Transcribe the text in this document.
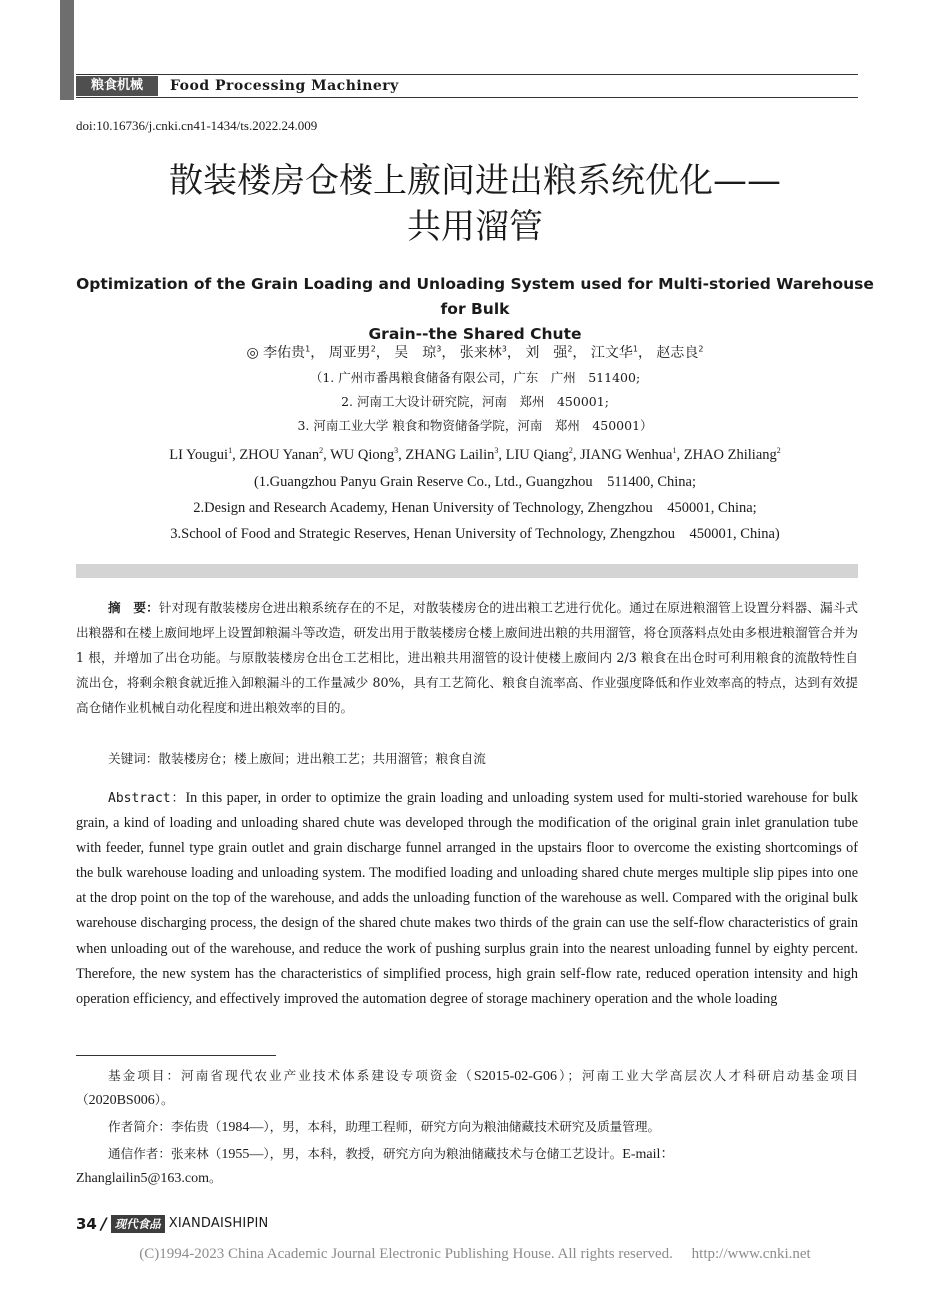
粮食机械	Food Processing Machinery
doi:10.16736/j.cnki.cn41-1434/ts.2022.24.009
散装楼房仓楼上廒间进出粮系统优化——
共用溜管
Optimization of the Grain Loading and Unloading System used for Multi-storied Warehouse for Bulk
Grain--the Shared Chute
◎ 李佑贵$^1$， 周亚男$^2$， 吴　琼$^3$， 张来林$^3$， 刘　强$^2$， 江文华$^1$， 赵志良$^2$
（1. 广州市番禺粮食储备有限公司，广东　广州　511400;
2. 河南工大设计研究院，河南　郑州　450001;
3. 河南工业大学 粮食和物资储备学院，河南　郑州　450001）
LI Yougui$^1$, ZHOU Yanan$^2$, WU Qiong$^3$, ZHANG Lailin$^3$, LIU Qiang$^2$, JIANG Wenhua$^1$, ZHAO Zhiliang$^2$
(1.Guangzhou Panyu Grain Reserve Co., Ltd., Guangzhou　511400, China;
2.Design and Research Academy, Henan University of Technology, Zhengzhou　450001, China;
3.School of Food and Strategic Reserves, Henan University of Technology, Zhengzhou　450001, China)
摘　要：针对现有散装楼房仓进出粮系统存在的不足，对散装楼房仓的进出粮工艺进行优化。通过在原进粮溜管上设置分料器、漏斗式出粮器和在楼上廒间地坪上设置卸粮漏斗等改造，研发出用于散装楼房仓楼上廒间进出粮的共用溜管，将仓顶落料点处由多根进粮溜管合并为 1 根，并增加了出仓功能。与原散装楼房仓出仓工艺相比，进出粮共用溜管的设计使楼上廒间内 2/3 粮食在出仓时可利用粮食的流散特性自流出仓，将剩余粮食就近推入卸粮漏斗的工作量减少 80%，具有工艺简化、粮食自流率高、作业强度降低和作业效率高的特点，达到有效提高仓储作业机械自动化程度和进出粮效率的目的。
关键词：散装楼房仓；楼上廒间；进出粮工艺；共用溜管；粮食自流
Abstract：In this paper, in order to optimize the grain loading and unloading system used for multi-storied warehouse for bulk grain, a kind of loading and unloading shared chute was developed through the modification of the original grain inlet granulation tube with feeder, funnel type grain outlet and grain discharge funnel arranged in the upstairs floor to overcome the existing shortcomings of the bulk warehouse loading and unloading system. The modified loading and unloading shared chute merges multiple slip pipes into one at the drop point on the top of the warehouse, and adds the unloading function of the warehouse as well. Compared with the original bulk warehouse discharging process, the design of the shared chute makes two thirds of the grain can use the self-flow characteristics of grain when unloading out of the warehouse, and reduce the work of pushing surplus grain into the nearest unloading funnel by eighty percent. Therefore, the new system has the characteristics of simplified process, high grain self-flow rate, reduced operation intensity and high operation efficiency, and effectively improved the automation degree of storage machinery operation and the whole loading

基金项目：河南省现代农业产业技术体系建设专项资金（S2015-02-G06）；河南工业大学高层次人才科研启动基金项目（2020BS006）。

作者简介：李佑贵（1984—），男，本科，助理工程师，研究方向为粮油储藏技术研究及质量管理。

通信作者：张来林（1955—），男，本科，教授，研究方向为粮油储藏技术与仓储工艺设计。E-mail：
Zhanglailin5@163.com。

34 / 现代食品 XIANDAISHIPIN
(C)1994-2023 China Academic Journal Electronic Publishing House. All rights reserved.　 http://www.cnki.net
